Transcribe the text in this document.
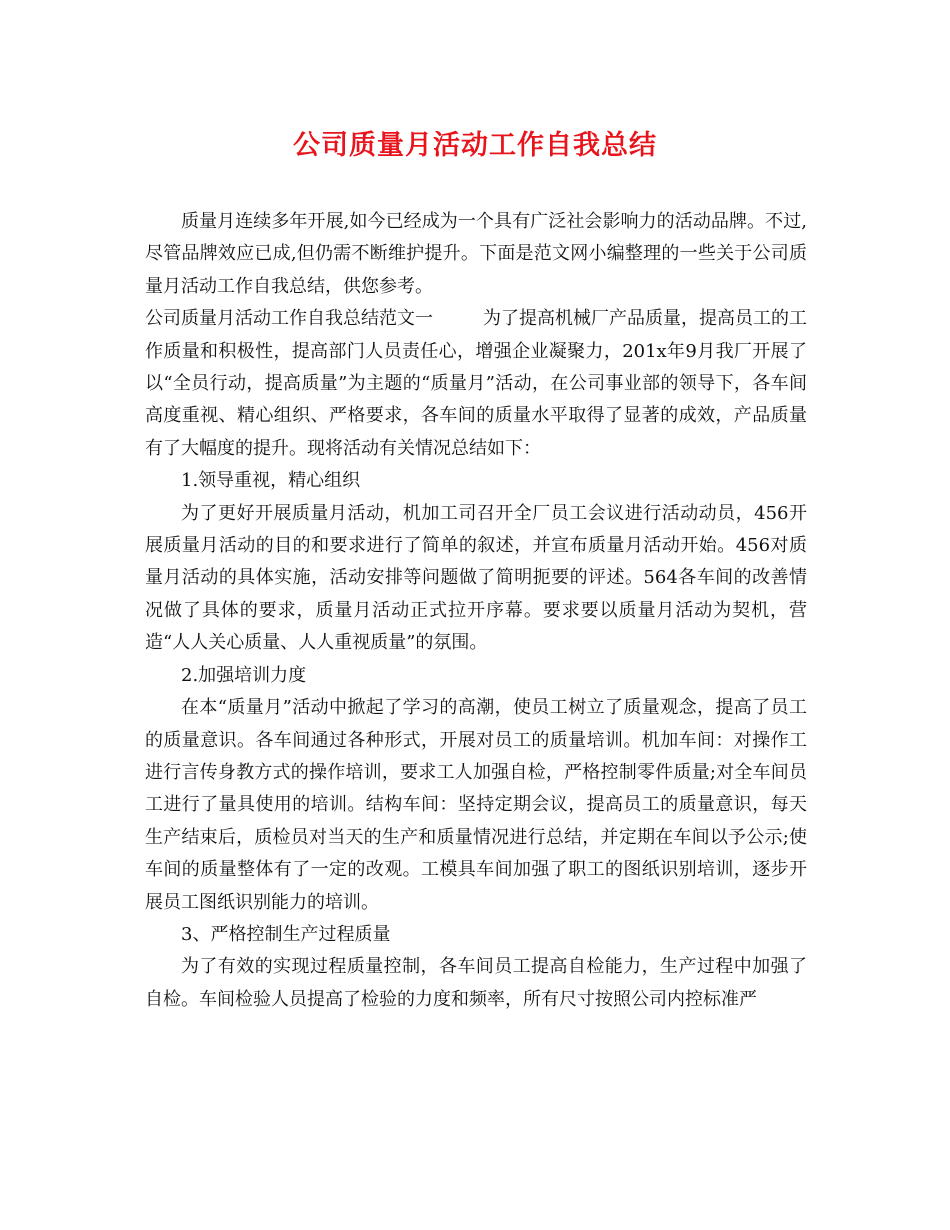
公司质量月活动工作自我总结

质量月连续多年开展,如今已经成为一个具有广泛社会影响力的活动品牌。不过,尽管品牌效应已成,但仍需不断维护提升。下面是范文网小编整理的一些关于公司质量月活动工作自我总结，供您参考。

公司质量月活动工作自我总结范文一	为了提高机械厂产品质量，提高员工的工作质量和积极性，提高部门人员责任心，增强企业凝聚力，201x年9月我厂开展了以“全员行动，提高质量”为主题的“质量月”活动，在公司事业部的领导下，各车间高度重视、精心组织、严格要求，各车间的质量水平取得了显著的成效，产品质量有了大幅度的提升。现将活动有关情况总结如下：

1.领导重视，精心组织

为了更好开展质量月活动，机加工司召开全厂员工会议进行活动动员，456开展质量月活动的目的和要求进行了简单的叙述，并宣布质量月活动开始。456对质量月活动的具体实施，活动安排等问题做了简明扼要的评述。564各车间的改善情况做了具体的要求，质量月活动正式拉开序幕。要求要以质量月活动为契机，营造“人人关心质量、人人重视质量”的氛围。

2.加强培训力度

在本“质量月”活动中掀起了学习的高潮，使员工树立了质量观念，提高了员工的质量意识。各车间通过各种形式，开展对员工的质量培训。机加车间：对操作工进行言传身教方式的操作培训，要求工人加强自检，严格控制零件质量;对全车间员工进行了量具使用的培训。结构车间：坚持定期会议，提高员工的质量意识，每天生产结束后，质检员对当天的生产和质量情况进行总结，并定期在车间以予公示;使车间的质量整体有了一定的改观。工模具车间加强了职工的图纸识别培训，逐步开展员工图纸识别能力的培训。

3、严格控制生产过程质量

为了有效的实现过程质量控制，各车间员工提高自检能力，生产过程中加强了自检。车间检验人员提高了检验的力度和频率，所有尺寸按照公司内控标准严
